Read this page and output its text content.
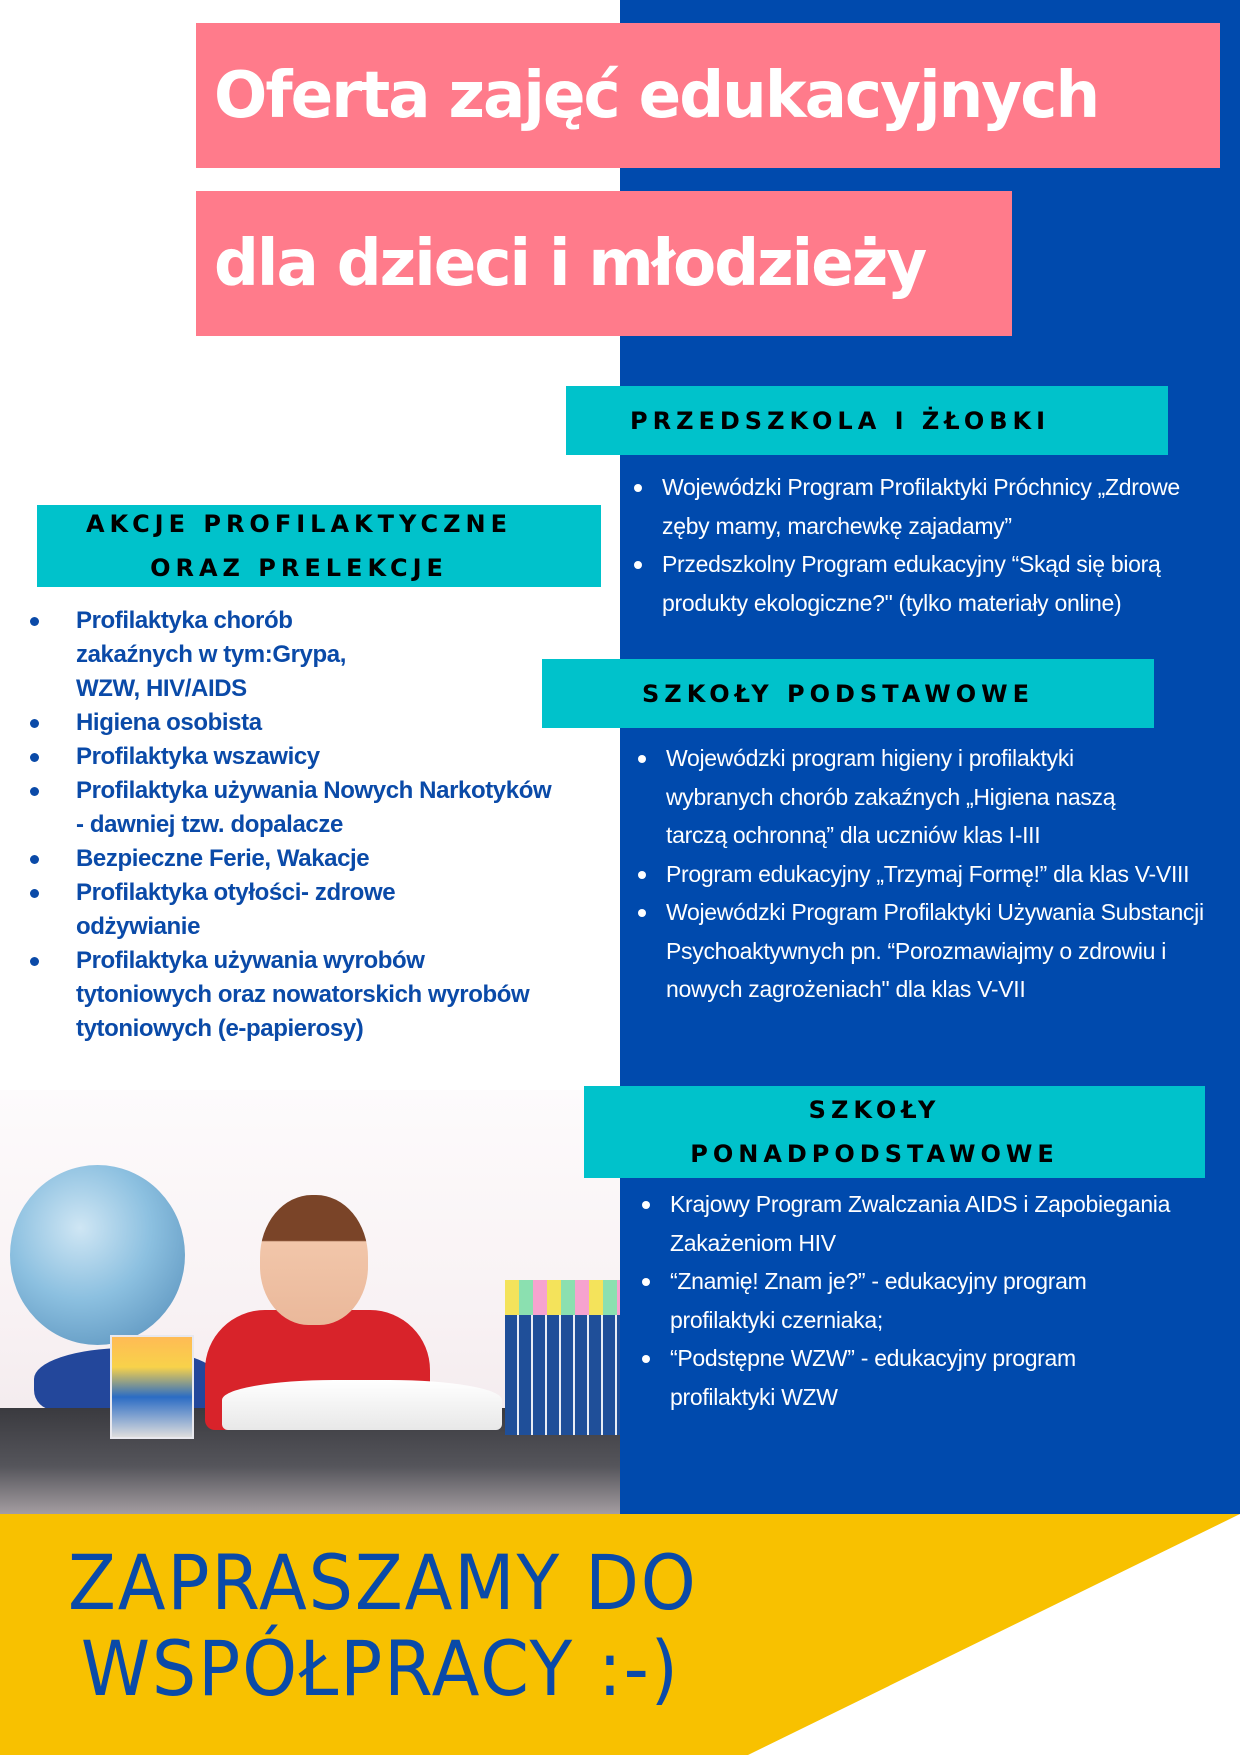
Oferta zajęć edukacyjnych
dla dzieci i młodzieży
PRZEDSZKOLA I ŻŁOBKI
Wojewódzki Program Profilaktyki Próchnicy „Zdrowe zęby mamy, marchewkę zajadamy”
Przedszkolny Program edukacyjny “Skąd się biorą produkty ekologiczne?" (tylko materiały online)
AKCJE PROFILAKTYCZNE
ORAZ PRELEKCJE
Profilaktyka chorób zakaźnych w tym:Grypa, WZW, HIV/AIDS
Higiena osobista
Profilaktyka wszawicy
Profilaktyka używania Nowych Narkotyków - dawniej tzw. dopalacze
Bezpieczne Ferie, Wakacje
Profilaktyka otyłości- zdrowe odżywianie
Profilaktyka używania wyrobów tytoniowych oraz nowatorskich wyrobów tytoniowych (e-papierosy)
SZKOŁY PODSTAWOWE
Wojewódzki program higieny i profilaktyki wybranych chorób zakaźnych „Higiena naszą tarczą ochronną” dla uczniów klas I-III
Program edukacyjny „Trzymaj Formę!” dla klas V-VIII
Wojewódzki Program Profilaktyki Używania Substancji Psychoaktywnych pn. “Porozmawiajmy o zdrowiu i nowych zagrożeniach" dla klas V-VII
SZKOŁY
PONADPODSTAWOWE
Krajowy Program Zwalczania AIDS i Zapobiegania Zakażeniom HIV
“Znamię! Znam je?” - edukacyjny program profilaktyki czerniaka;
“Podstępne WZW” - edukacyjny program profilaktyki WZW
ZAPRASZAMY DO
WSPÓŁPRACY :-)
